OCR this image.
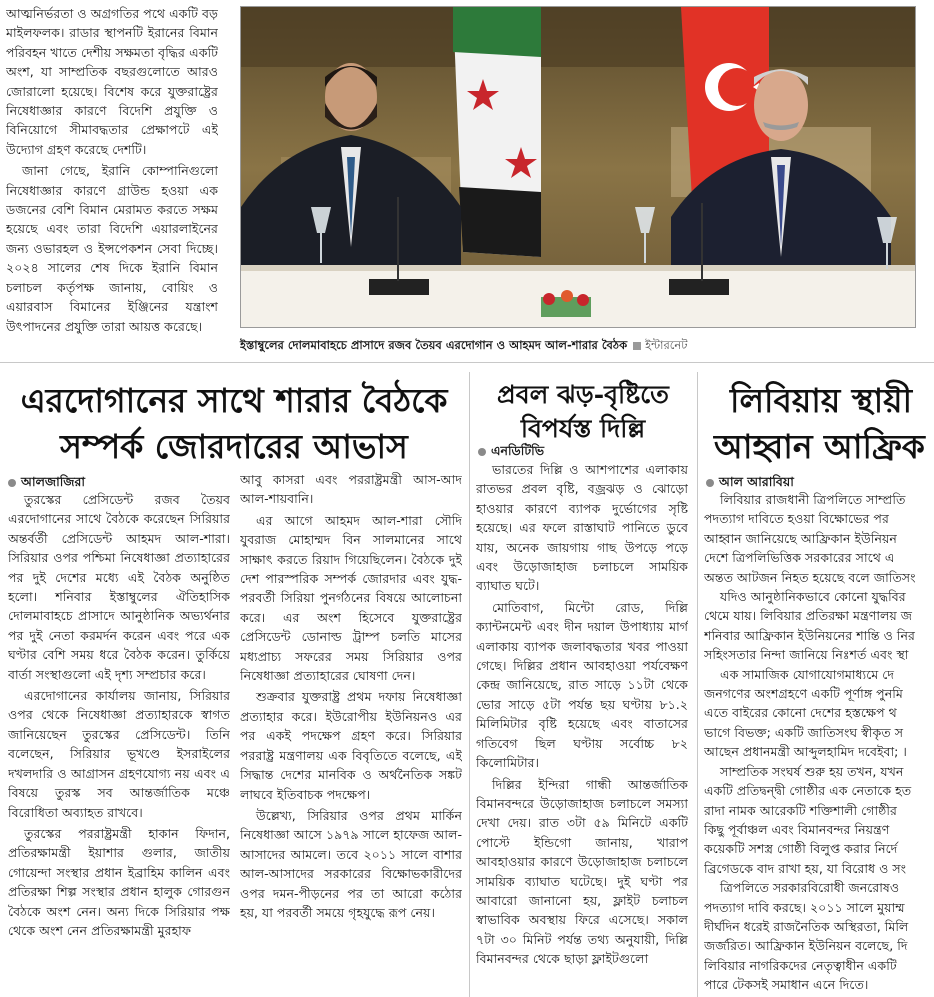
আত্মনির্ভরতা ও অগ্রগতির পথে একটি বড় মাইলফলক। রাডার স্থাপনটি ইরানের বিমান পরিবহন খাতে দেশীয় সক্ষমতা বৃদ্ধির একটি অংশ, যা সাম্প্রতিক বছরগুলোতে আরও জোরালো হয়েছে। বিশেষ করে যুক্তরাষ্ট্রের নিষেধাজ্ঞার কারণে বিদেশি প্রযুক্তি ও বিনিয়োগে সীমাবদ্ধতার প্রেক্ষাপটে এই উদ্যোগ গ্রহণ করেছে দেশটি।

জানা গেছে, ইরানি কোম্পানিগুলো নিষেধাজ্ঞার কারণে গ্রাউন্ড হওয়া এক ডজনের বেশি বিমান মেরামত করতে সক্ষম হয়েছে এবং তারা বিদেশি এয়ারলাইনের জন্য ওভারহল ও ইন্সপেকশন সেবা দিচ্ছে। ২০২৪ সালের শেষ দিকে ইরানি বিমান চলাচল কর্তৃপক্ষ জানায়, বোয়িং ও এয়ারবাস বিমানের ইঞ্জিনের যন্ত্রাংশ উৎপাদনের প্রযুক্তি তারা আয়ত্ত করেছে।

ইস্তাম্বুলের দোলমাবাহচে প্রাসাদে রজব তৈয়ব এরদোগান ও আহমদ আল-শারার বৈঠক ইন্টারনেট
এরদোগানের সাথে শারার বৈঠকে
সম্পর্ক জোরদারের আভাস
আলজাজিরা

তুরস্কের প্রেসিডেন্ট রজব তৈয়ব এরদোগানের সাথে বৈঠকে করেছেন সিরিয়ার অন্তর্বর্তী প্রেসিডেন্ট আহমদ আল-শারা। সিরিয়ার ওপর পশ্চিমা নিষেধাজ্ঞা প্রত্যাহারের পর দুই দেশের মধ্যে এই বৈঠক অনুষ্ঠিত হলো। শনিবার ইস্তাম্বুলের ঐতিহাসিক দোলমাবাহচে প্রাসাদে আনুষ্ঠানিক অভ্যর্থনার পর দুই নেতা করমর্দন করেন এবং পরে এক ঘণ্টার বেশি সময় ধরে বৈঠক করেন। তুর্কিয়ে বার্তা সংস্থাগুলো এই দৃশ্য সম্প্রচার করে।

এরদোগানের কার্যালয় জানায়, সিরিয়ার ওপর থেকে নিষেধাজ্ঞা প্রত্যাহারকে স্বাগত জানিয়েছেন তুরস্কের প্রেসিডেন্ট। তিনি বলেছেন, সিরিয়ার ভূখণ্ডে ইসরাইলের দখলদারি ও আগ্রাসন গ্রহণযোগ্য নয় এবং এ বিষয়ে তুরস্ক সব আন্তর্জাতিক মঞ্চে বিরোধিতা অব্যাহত রাখবে।

তুরস্কের পররাষ্ট্রমন্ত্রী হাকান ফিদান, প্রতিরক্ষামন্ত্রী ইয়াশার গুলার, জাতীয় গোয়েন্দা সংস্থার প্রধান ইব্রাহিম কালিন এবং প্রতিরক্ষা শিল্প সংস্থার প্রধান হালুক গোরগুন বৈঠকে অংশ নেন। অন্য দিকে সিরিয়ার পক্ষ থেকে অংশ নেন প্রতিরক্ষামন্ত্রী মুরহাফ

আবু কাসরা এবং পররাষ্ট্রমন্ত্রী আস-আদ আল-শায়বানি।

এর আগে আহমদ আল-শারা সৌদি যুবরাজ মোহাম্মদ বিন সালমানের সাথে সাক্ষাৎ করতে রিয়াদ গিয়েছিলেন। বৈঠকে দুই দেশ পারস্পরিক সম্পর্ক জোরদার এবং যুদ্ধ-পরবর্তী সিরিয়া পুনর্গঠনের বিষয়ে আলোচনা করে। এর অংশ হিসেবে যুক্তরাষ্ট্রের প্রেসিডেন্ট ডোনাল্ড ট্রাম্প চলতি মাসের মধ্যপ্রাচ্য সফরের সময় সিরিয়ার ওপর নিষেধাজ্ঞা প্রত্যাহারের ঘোষণা দেন।

শুক্রবার যুক্তরাষ্ট্র প্রথম দফায় নিষেধাজ্ঞা প্রত্যাহার করে। ইউরোপীয় ইউনিয়নও এর পর একই পদক্ষেপ গ্রহণ করে। সিরিয়ার পররাষ্ট্র মন্ত্রণালয় এক বিবৃতিতে বলেছে, এই সিদ্ধান্ত দেশের মানবিক ও অর্থনৈতিক সঙ্কট লাঘবে ইতিবাচক পদক্ষেপ।

উল্লেখ্য, সিরিয়ার ওপর প্রথম মার্কিন নিষেধাজ্ঞা আসে ১৯৭৯ সালে হাফেজ আল-আসাদের আমলে। তবে ২০১১ সালে বাশার আল-আসাদের সরকারের বিক্ষোভকারীদের ওপর দমন-পীড়নের পর তা আরো কঠোর হয়, যা পরবর্তী সময়ে গৃহযুদ্ধে রূপ নেয়।

প্রবল ঝড়-বৃষ্টিতে
বিপর্যস্ত দিল্লি
এনডিটিভি

ভারতের দিল্লি ও আশপাশের এলাকায় রাতভর প্রবল বৃষ্টি, বজ্রঝড় ও ঝোড়ো হাওয়ার কারণে ব্যাপক দুর্ভোগের সৃষ্টি হয়েছে। এর ফলে রাস্তাঘাট পানিতে ডুবে যায়, অনেক জায়গায় গাছ উপড়ে পড়ে এবং উড়োজাহাজ চলাচলে সাময়িক ব্যাঘাত ঘটে।

মোতিবাগ, মিন্টো রোড, দিল্লি ক্যান্টনমেন্ট এবং দীন দয়াল উপাধ্যায় মার্গ এলাকায় ব্যাপক জলাবদ্ধতার খবর পাওয়া গেছে। দিল্লির প্রধান আবহাওয়া পর্যবেক্ষণ কেন্দ্র জানিয়েছে, রাত সাড়ে ১১টা থেকে ভোর সাড়ে ৫টা পর্যন্ত ছয় ঘণ্টায় ৮১.২ মিলিমিটার বৃষ্টি হয়েছে এবং বাতাসের গতিবেগ ছিল ঘণ্টায় সর্বোচ্চ ৮২ কিলোমিটার।

দিল্লির ইন্দিরা গান্ধী আন্তর্জাতিক বিমানবন্দরে উড়োজাহাজ চলাচলে সমস্যা দেখা দেয়। রাত ৩টা ৫৯ মিনিটে একটি পোস্টে ইন্ডিগো জানায়, খারাপ আবহাওয়ার কারণে উড়োজাহাজ চলাচলে সাময়িক ব্যাঘাত ঘটেছে। দুই ঘণ্টা পর আবারো জানানো হয়, ফ্লাইট চলাচল স্বাভাবিক অবস্থায় ফিরে এসেছে। সকাল ৭টা ৩০ মিনিট পর্যন্ত তথ্য অনুযায়ী, দিল্লি বিমানবন্দর থেকে ছাড়া ফ্লাইটগুলো

লিবিয়ায় স্থায়ী
আহ্বান আফ্রিক
আল আরাবিয়া
লিবিয়ার রাজধানী ত্রিপলিতে সাম্প্রতি
পদত্যাগ দাবিতে হওয়া বিক্ষোভের পর
আহ্বান জানিয়েছে আফ্রিকান ইউনিয়ন
দেশে ত্রিপলিভিত্তিক সরকারের সাথে এ
অন্তত আটজন নিহত হয়েছে বলে জাতিসং
যদিও আনুষ্ঠানিকভাবে কোনো যুদ্ধবির
থেমে যায়। লিবিয়ার প্রতিরক্ষা মন্ত্রণালয় জ
শনিবার আফ্রিকান ইউনিয়নের শান্তি ও নির
সহিংসতার নিন্দা জানিয়ে নিঃশর্ত এবং স্থা
এক সামাজিক যোগাযোগমাধ্যমে দে
জনগণের অংশগ্রহণে একটি পূর্ণাঙ্গ পুনমি
এতে বাইরের কোনো দেশের হস্তক্ষেপ থ
ভাগে বিভক্ত; একটি জাতিসংঘ স্বীকৃত স
আছেন প্রধানমন্ত্রী আব্দুলহামিদ দবেইবা; ।
সাম্প্রতিক সংঘর্ষ শুরু হয় তখন, যখন
একটি প্রতিদ্বন্দ্বী গোষ্ঠীর এক নেতাকে হত
রাদা নামক আরেকটি শক্তিশালী গোষ্ঠীর
কিছু পূর্বাঞ্চল এবং বিমানবন্দর নিয়ন্ত্রণ
কয়েকটি সশস্ত্র গোষ্ঠী বিলুপ্ত করার নির্দে
ব্রিগেডকে বাদ রাখা হয়, যা বিরোধ ও সং
ত্রিপলিতে সরকারবিরোধী জনরোষও
পদত্যাগ দাবি করছে। ২০১১ সালে মুয়াম্ম
দীর্ঘদিন ধরেই রাজনৈতিক অস্থিরতা, মিলি
জর্জরিত। আফ্রিকান ইউনিয়ন বলেছে, দি
লিবিয়ার নাগরিকদের নেতৃত্বাধীন একটি
পারে টেকসই সমাধান এনে দিতে।
